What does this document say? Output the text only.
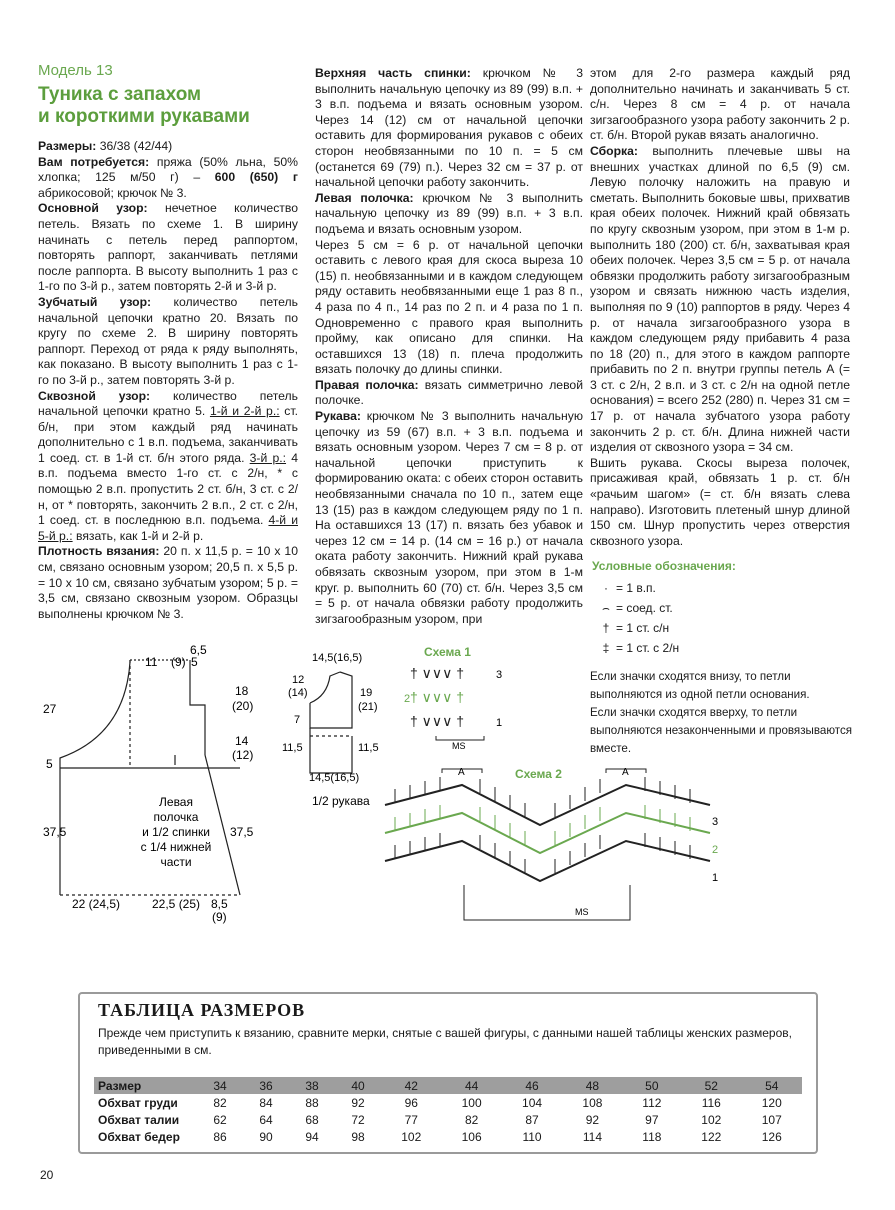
Модель 13
Туника с запахом
и короткими рукавами

Размеры: 36/38 (42/44)

Вам потребуется: пряжа (50% льна, 50% хлопка; 125 м/50 г) – 600 (650) г абрикосовой; крючок № 3.

Основной узор: нечетное количество петель. Вязать по схеме 1. В ширину начинать с петель перед раппортом, повторять раппорт, заканчивать петлями после раппорта. В высоту выполнить 1 раз с 1-го по 3-й р., затем повторять 2-й и 3-й р.

Зубчатый узор: количество петель начальной цепочки кратно 20. Вязать по кругу по схеме 2. В ширину повторять раппорт. Переход от ряда к ряду выполнять, как показано. В высоту выполнить 1 раз с 1-го по 3-й р., затем повторять 3-й р.

Сквозной узор: количество петель начальной цепочки кратно 5. 1-й и 2-й р.: ст. б/н, при этом каждый ряд начинать дополнительно с 1 в.п. подъема, заканчивать 1 соед. ст. в 1-й ст. б/н этого ряда. 3-й р.: 4 в.п. подъема вместо 1-го ст. с 2/н, * с помощью 2 в.п. пропустить 2 ст. б/н, 3 ст. с 2/н, от * повторять, закончить 2 в.п., 2 ст. с 2/н, 1 соед. ст. в последнюю в.п. подъема. 4-й и 5-й р.: вязать, как 1-й и 2-й р.

Плотность вязания: 20 п. х 11,5 р. = 10 х 10 см, связано основным узором; 20,5 п. х 5,5 р. = 10 х 10 см, связано зубчатым узором; 5 р. = 3,5 см, связано сквозным узором. Образцы выполнены крючком № 3.

Верхняя часть спинки: крючком № 3 выполнить начальную цепочку из 89 (99) в.п. + 3 в.п. подъема и вязать основным узором. Через 14 (12) см от начальной цепочки оставить для формирования рукавов с обеих сторон необвязанными по 10 п. = 5 см (останется 69 (79) п.). Через 32 см = 37 р. от начальной цепочки работу закончить.

Левая полочка: крючком № 3 выполнить начальную цепочку из 89 (99) в.п. + 3 в.п. подъема и вязать основным узором.

Через 5 см = 6 р. от начальной цепочки оставить с левого края для скоса выреза 10 (15) п. необвязанными и в каждом следующем ряду оставить необвязанными еще 1 раз 8 п., 4 раза по 4 п., 14 раз по 2 п. и 4 раза по 1 п. Одновременно с правого края выполнить пройму, как описано для спинки. На оставшихся 13 (18) п. плеча продолжить вязать полочку до длины спинки.

Правая полочка: вязать симметрично левой полочке.

Рукава: крючком № 3 выполнить начальную цепочку из 59 (67) в.п. + 3 в.п. подъема и вязать основным узором. Через 7 см = 8 р. от начальной цепочки приступить к формированию оката: с обеих сторон оставить необвязанными сначала по 10 п., затем еще 13 (15) раз в каждом следующем ряду по 1 п. На оставшихся 13 (17) п. вязать без убавок и через 12 см = 14 р. (14 см = 16 р.) от начала оката работу закончить. Нижний край рукава обвязать сквозным узором, при этом в 1-м круг. р. выполнить 60 (70) ст. б/н. Через 3,5 см = 5 р. от начала обвязки работу продолжить зигзагообразным узором, при

этом для 2-го размера каждый ряд дополнительно начинать и заканчивать 5 ст. с/н. Через 8 см = 4 р. от начала зигзагообразного узора работу закончить 2 р. ст. б/н. Второй рукав вязать аналогично.

Сборка: выполнить плечевые швы на внешних участках длиной по 6,5 (9) см. Левую полочку наложить на правую и сметать. Выполнить боковые швы, прихватив края обеих полочек. Нижний край обвязать по кругу сквозным узором, при этом в 1-м р. выполнить 180 (200) ст. б/н, захватывая края обеих полочек. Через 3,5 см = 5 р. от начала обвязки продолжить работу зигзагообразным узором и связать нижнюю часть изделия, выполняя по 9 (10) раппортов в ряду. Через 4 р. от начала зигзагообразного узора в каждом следующем ряду прибавить 4 раза по 18 (20) п., для этого в каждом раппорте прибавить по 2 п. внутри группы петель А (= 3 ст. с 2/н, 2 в.п. и 3 ст. с 2/н на одной петле основания) = всего 252 (280) п. Через 31 см = 17 р. от начала зубчатого узора работу закончить 2 р. ст. б/н. Длина нижней части изделия от сквозного узора = 34 см.

Вшить рукава. Скосы выреза полочек, присаживая край, обвязать 1 р. ст. б/н «рачьим шагом» (= ст. б/н вязать слева направо). Изготовить плетеный шнур длиной 150 см. Шнур пропустить через отверстия сквозного узора.

Условные обозначения:
· = 1 в.п.
⌢ = соед. ст.
† = 1 ст. с/н
‡ = 1 ст. с 2/н
Если значки сходятся внизу, то петли выполняются из одной петли основания.
Если значки сходятся вверху, то петли выполняются незаконченными и провязываются вместе.
6,5
(9)
11	5
27
18
(20)
14
(12)
5
37,5	37,5
Левая
полочка
и 1/2 спинки
с 1/4 нижней
части
22 (24,5)	22,5 (25) 8,5
(9)
14,5(16,5)
12
(14)	19
(21)
7
11,5	11,5
14,5(16,5)
1/2 рукава
Схема 1
† ∨∨∨ †
† ∨∨∨ †
† ∨∨∨ †
3
2
1
MS
Схема 2
A	A
3
2
1
MS
ТАБЛИЦА РАЗМЕРОВ
Прежде чем приступить к вязанию, сравните мерки, снятые с вашей фигуры, с данными нашей таблицы женских размеров, приведенными в см.
Размер	34	36	38	40	42	44	46	48	50	52	54
Обхват груди	82	84	88	92	96	100	104	108	112	116	120
Обхват талии	62	64	68	72	77	82	87	92	97	102	107
Обхват бедер	86	90	94	98	102	106	110	114	118	122	126
20
